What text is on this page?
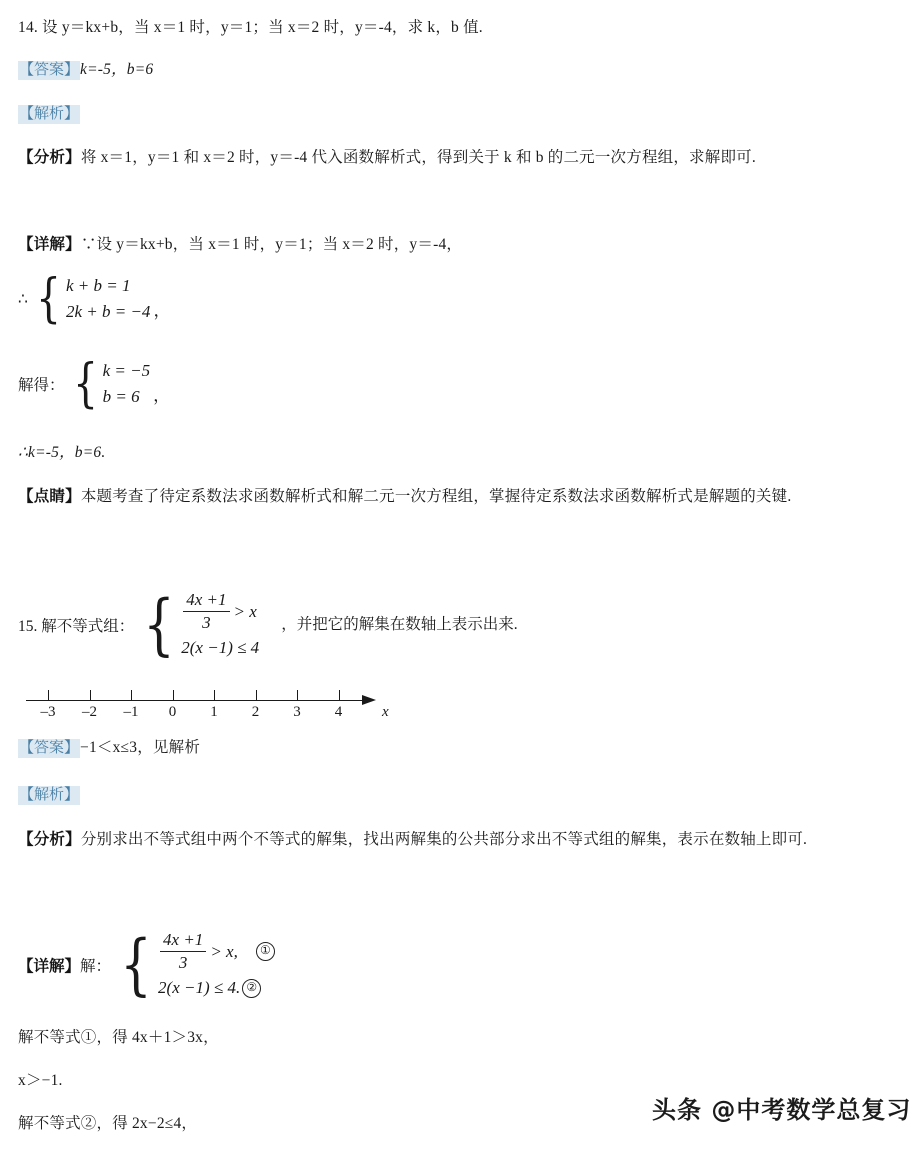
14. 设 y＝kx+b，当 x＝1 时，y＝1；当 x＝2 时，y＝‑4，求 k，b 值.
【答案】k=-5，b=6
【解析】
【分析】将 x＝1，y＝1 和 x＝2 时，y＝‑4 代入函数解析式，得到关于 k 和 b 的二元一次方程组，求解即可.
【详解】∵设 y＝kx+b，当 x＝1 时，y＝1；当 x＝2 时，y＝‑4，
∴ { k + b = 1
2k + b = −4 ，
解得： { k = −5
b = 6 ，
∴k=-5，b=6.
【点睛】本题考查了待定系数法求函数解析式和解二元一次方程组，掌握待定系数法求函数解析式是解题的关键.
15. 解不等式组： { $\frac{4x +1}{3} > x$
2(x −1) ≤ 4
，并把它的解集在数轴上表示出来.
–3 –2 –1 0 1 2 3 4	x
【答案】−1＜x≤3，见解析
【解析】
【分析】分别求出不等式组中两个不等式的解集，找出两解集的公共部分求出不等式组的解集，表示在数轴上即可.
【详解】解： { $\frac{4x +1}{3} > x$,	①
2(x −1) ≤ 4. ②
解不等式①，得 4x＋1＞3x，
x＞−1.
解不等式②，得 2x−2≤4，	头条 @中考数学总复习
